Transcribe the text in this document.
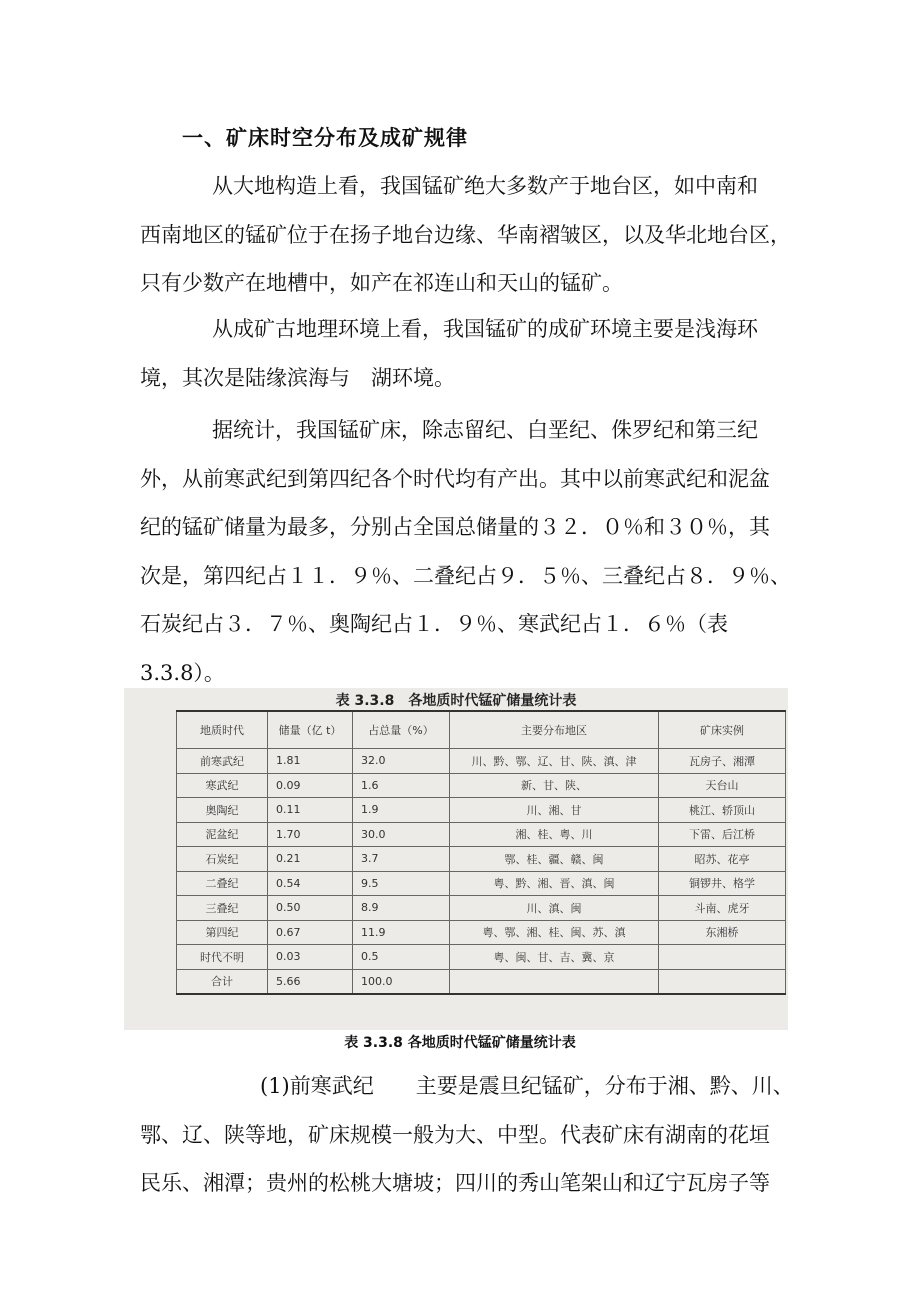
一、矿床时空分布及成矿规律
从大地构造上看，我国锰矿绝大多数产于地台区，如中南和
西南地区的锰矿位于在扬子地台边缘、华南褶皱区，以及华北地台区，
只有少数产在地槽中，如产在祁连山和天山的锰矿。
从成矿古地理环境上看，我国锰矿的成矿环境主要是浅海环
境，其次是陆缘滨海与　湖环境。
据统计，我国锰矿床，除志留纪、白垩纪、侏罗纪和第三纪
外，从前寒武纪到第四纪各个时代均有产出。其中以前寒武纪和泥盆
纪的锰矿储量为最多，分别占全国总储量的３２．０％和３０％，其
次是，第四纪占１１．９％、二叠纪占９．５％、三叠纪占８．９％、
石炭纪占３．７％、奥陶纪占１．９％、寒武纪占１．６％（表
3.3.8）。
表 3.3.8　各地质时代锰矿储量统计表
地质时代	储量（亿 t）	占总量（%）	主要分布地区	矿床实例
前寒武纪	1.81	32.0	川、黔、鄂、辽、甘、陕、滇、津	瓦房子、湘潭
寒武纪	0.09	1.6	新、甘、陕、	天台山
奥陶纪	0.11	1.9	川、湘、甘	桃江、轿顶山
泥盆纪	1.70	30.0	湘、桂、粤、川	下雷、后江桥
石炭纪	0.21	3.7	鄂、桂、疆、赣、闽	昭苏、花亭
二叠纪	0.54	9.5	粤、黔、湘、晋、滇、闽	铜锣井、格学
三叠纪	0.50	8.9	川、滇、闽	斗南、虎牙
第四纪	0.67	11.9	粤、鄂、湘、桂、闽、苏、滇	东湘桥
时代不明	0.03	0.5	粤、闽、甘、吉、冀、京	
合计	5.66	100.0		
表 3.3.8 各地质时代锰矿储量统计表
(1)前寒武纪　　主要是震旦纪锰矿，分布于湘、黔、川、
鄂、辽、陕等地，矿床规模一般为大、中型。代表矿床有湖南的花垣
民乐、湘潭；贵州的松桃大塘坡；四川的秀山笔架山和辽宁瓦房子等
